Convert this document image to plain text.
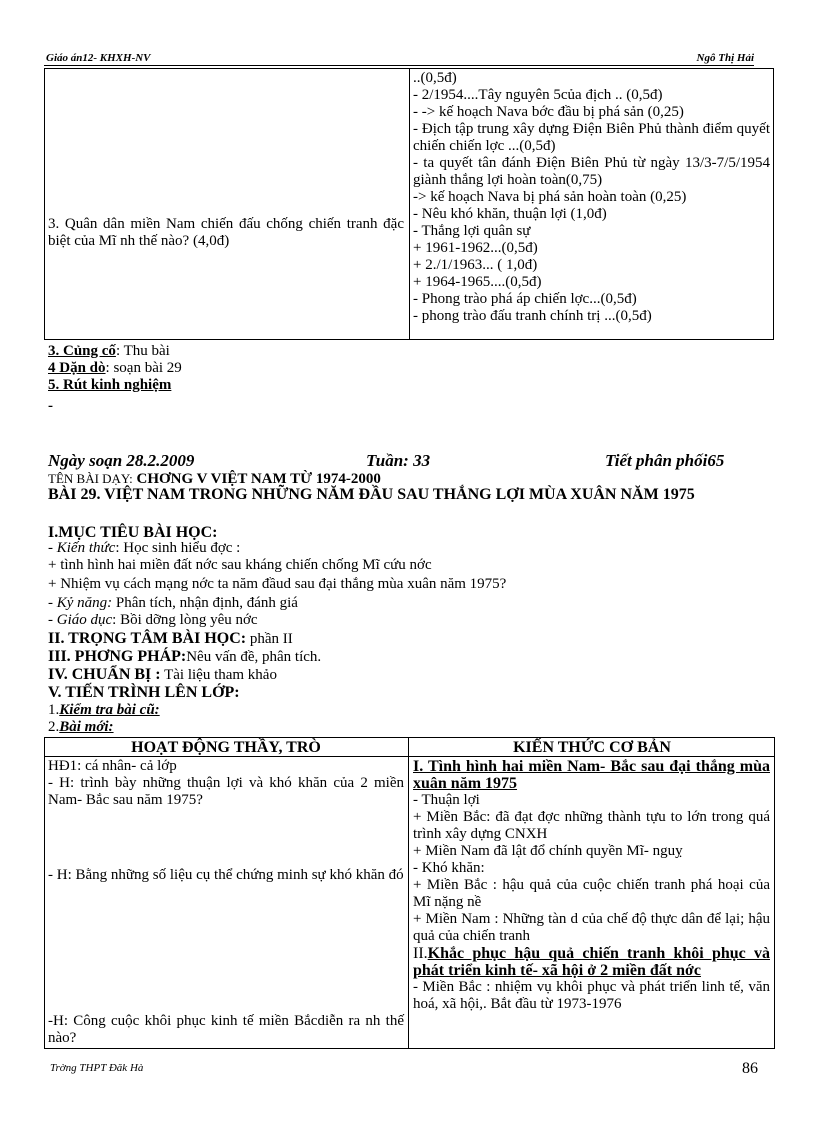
Giáo án12- KHXH-NV	Ngô Thị Hải
3. Quân dân miền Nam chiến đấu chống chiến tranh đặc biệt của Mĩ nh thế nào? (4,0đ)
..(0,5đ)
- 2/1954....Tây nguyên 5của địch .. (0,5đ)
- -> kế hoạch Nava bớc đầu bị phá sản (0,25)
- Địch tập trung xây dựng Điện Biên Phủ thành điểm quyết chiến chiến lợc ...(0,5đ)
- ta quyết tân đánh Điện Biên Phủ từ ngày 13/3-7/5/1954 giành thắng lợi hoàn toàn(0,75)
-> kế hoạch Nava bị phá sản hoàn toàn (0,25)
- Nêu khó khăn, thuận lợi (1,0đ)
- Thắng lợi quân sự
+ 1961-1962...(0,5đ)
+ 2./1/1963... ( 1,0đ)
+ 1964-1965....(0,5đ)
- Phong trào phá áp chiến lợc...(0,5đ)
- phong trào đấu tranh chính trị ...(0,5đ)
3. Củng cố: Thu bài
4 Dặn dò: soạn bài 29
5. Rút kinh nghiệm
-
Ngày soạn 28.2.2009	Tuần: 33	Tiết phân phối65
TÊN BÀI DẠY: CHƠNG V VIỆT NAM TỪ 1974-2000
BÀI 29. VIỆT NAM TRONG NHỮNG NĂM ĐẦU SAU THẮNG LỢI MÙA XUÂN NĂM 1975
I.MỤC TIÊU BÀI HỌC:
- Kiến thức: Học sinh hiểu đợc :
+ tình hình hai miền đất nớc sau kháng chiến chống Mĩ cứu nớc
+ Nhiệm vụ cách mạng nớc ta năm đầud sau đại thắng mùa xuân năm 1975?
- Kỷ năng: Phân tích, nhận định, đánh giá
- Giáo dục: Bồi dỡng lòng yêu nớc
II. TRỌNG TÂM BÀI HỌC: phần II
III. PHƠNG PHÁP:Nêu vấn đề, phân tích.
IV. CHUẨN BỊ : Tài liệu tham khảo
V. TIẾN TRÌNH LÊN LỚP:
1.Kiểm tra bài cũ:
2.Bài mới:
HOẠT ĐỘNG THẦY, TRÒ	KIẾN THỨC CƠ BẢN
HĐ1: cá nhân- cả lớp
- H: trình bày những thuận lợi và khó khăn của 2 miền Nam- Bắc sau năm 1975?
- H: Bằng những số liệu cụ thể chứng minh sự khó khăn đó
-H: Công cuộc khôi phục kinh tế miền Bắcdiễn ra nh thế nào?
I. Tình hình hai miền Nam- Bắc sau đại thắng mùa xuân năm 1975
- Thuận lợi
+ Miền Bắc: đã đạt đợc những thành tựu to lớn trong quá trình xây dựng CNXH
+ Miền Nam đã lật đổ chính quyền Mĩ- nguỵ
- Khó khăn:
+ Miền Bắc : hậu quả của cuộc chiến tranh phá hoại của Mĩ nặng nề
+ Miền Nam : Những tàn d của chế độ thực dân để lại; hậu quả của chiến tranh
II.Khắc phục hậu quả chiến tranh khôi phục và phát triển kinh tế- xã hội ở 2 miền đất nớc
- Miền Bắc : nhiệm vụ khôi phục và phát triển linh tế, văn hoá, xã hội,. Bắt đầu từ 1973-1976
Trờng THPT Đăk Hà	86
